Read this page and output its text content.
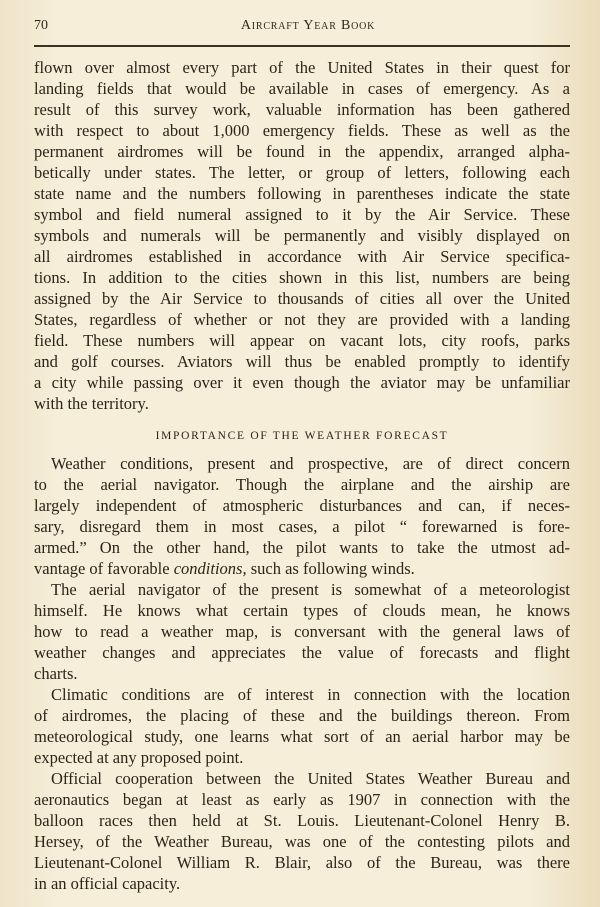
70	Aircraft Year Book
flown over almost every part of the United States in their quest for
landing fields that would be available in cases of emergency. As a
result of this survey work, valuable information has been gathered
with respect to about 1,000 emergency fields. These as well as the
permanent airdromes will be found in the appendix, arranged alpha-
betically under states. The letter, or group of letters, following each
state name and the numbers following in parentheses indicate the state
symbol and field numeral assigned to it by the Air Service. These
symbols and numerals will be permanently and visibly displayed on
all airdromes established in accordance with Air Service specifica-
tions. In addition to the cities shown in this list, numbers are being
assigned by the Air Service to thousands of cities all over the United
States, regardless of whether or not they are provided with a landing
field. These numbers will appear on vacant lots, city roofs, parks
and golf courses. Aviators will thus be enabled promptly to identify
a city while passing over it even though the aviator may be unfamiliar
with the territory.
IMPORTANCE OF THE WEATHER FORECAST
Weather conditions, present and prospective, are of direct concern
to the aerial navigator. Though the airplane and the airship are
largely independent of atmospheric disturbances and can, if neces-
sary, disregard them in most cases, a pilot “ forewarned is fore-
armed.” On the other hand, the pilot wants to take the utmost ad-
vantage of favorable conditions, such as following winds.
The aerial navigator of the present is somewhat of a meteorologist
himself. He knows what certain types of clouds mean, he knows
how to read a weather map, is conversant with the general laws of
weather changes and appreciates the value of forecasts and flight
charts.
Climatic conditions are of interest in connection with the location
of airdromes, the placing of these and the buildings thereon. From
meteorological study, one learns what sort of an aerial harbor may be
expected at any proposed point.
Official cooperation between the United States Weather Bureau and
aeronautics began at least as early as 1907 in connection with the
balloon races then held at St. Louis. Lieutenant-Colonel Henry B.
Hersey, of the Weather Bureau, was one of the contesting pilots and
Lieutenant-Colonel William R. Blair, also of the Bureau, was there
in an official capacity.
